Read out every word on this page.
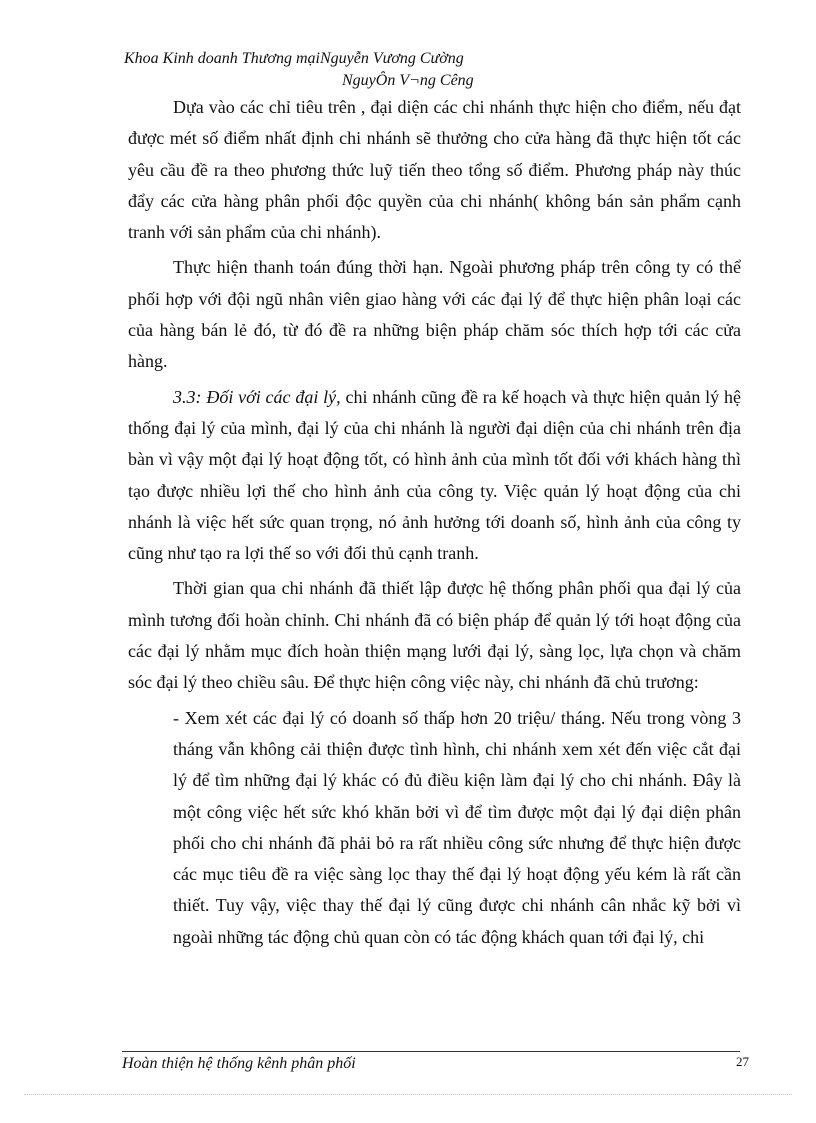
Khoa Kinh doanh Thương mạiNguyễn Vương Cường
NguyÔn V¬ng Cêng

Dựa vào các chỉ tiêu trên , đại diện các chi nhánh thực hiện cho điểm, nếu đạt được mét số điểm nhất định chi nhánh sẽ thưởng cho cửa hàng đã thực hiện tốt các yêu cầu đề ra theo phương thức luỹ tiến theo tổng số điểm. Phương pháp này thúc đẩy các cửa hàng phân phối độc quyền của chi nhánh( không bán sản phẩm cạnh tranh với sản phẩm của chi nhánh).

Thực hiện thanh toán đúng thời hạn. Ngoài phương pháp trên công ty có thể phối hợp với đội ngũ nhân viên giao hàng với các đại lý để thực hiện phân loại các của hàng bán lẻ đó, từ đó đề ra những biện pháp chăm sóc thích hợp tới các cửa hàng.

3.3: Đối với các đại lý, chi nhánh cũng đề ra kế hoạch và thực hiện quản lý hệ thống đại lý của mình, đại lý của chi nhánh là người đại diện của chi nhánh trên địa bàn vì vậy một đại lý hoạt động tốt, có hình ảnh của mình tốt đối với khách hàng thì tạo được nhiều lợi thế cho hình ảnh của công ty. Việc quản lý hoạt động của chi nhánh là việc hết sức quan trọng, nó ảnh hưởng tới doanh số, hình ảnh của công ty cũng như tạo ra lợi thế so với đối thủ cạnh tranh.

Thời gian qua chi nhánh đã thiết lập được hệ thống phân phối qua đại lý của mình tương đối hoàn chỉnh. Chi nhánh đã có biện pháp để quản lý tới hoạt động của các đại lý nhằm mục đích hoàn thiện mạng lưới đại lý, sàng lọc, lựa chọn và chăm sóc đại lý theo chiều sâu. Để thực hiện công việc này, chi nhánh đã chủ trương:

- Xem xét các đại lý có doanh số thấp hơn 20 triệu/ tháng. Nếu trong vòng 3 tháng vẫn không cải thiện được tình hình, chi nhánh xem xét đến việc cắt đại lý để tìm những đại lý khác có đủ điều kiện làm đại lý cho chi nhánh. Đây là một công việc hết sức khó khăn bởi vì để tìm được một đại lý đại diện phân phối cho chi nhánh đã phải bỏ ra rất nhiều công sức nhưng để thực hiện được các mục tiêu đề ra việc sàng lọc thay thế đại lý hoạt động yếu kém là rất cần thiết. Tuy vậy, việc thay thế đại lý cũng được chi nhánh cân nhắc kỹ bởi vì ngoài những tác động chủ quan còn có tác động khách quan tới đại lý, chi

Hoàn thiện hệ thống kênh phân phối	27
